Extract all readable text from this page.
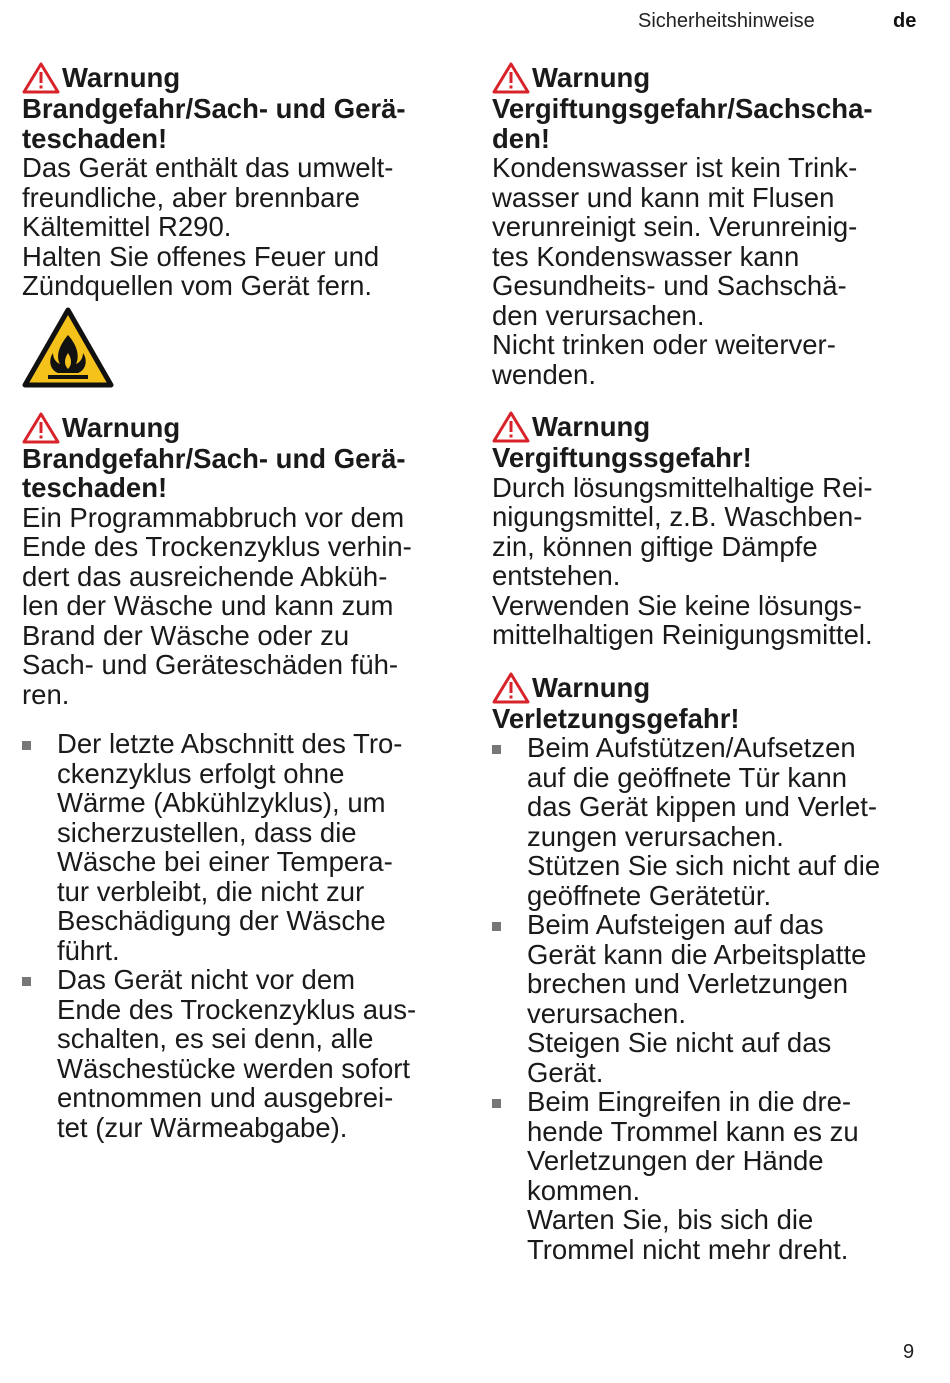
Sicherheitshinweise	de
Warnung
Brandgefahr/Sach- und Gerä-
teschaden!
Das Gerät enthält das umwelt-
freundliche, aber brennbare
Kältemittel R290.
Halten Sie offenes Feuer und
Zündquellen vom Gerät fern.
Warnung
Brandgefahr/Sach- und Gerä-
teschaden!
Ein Programmabbruch vor dem
Ende des Trockenzyklus verhin-
dert das ausreichende Abküh-
len der Wäsche und kann zum
Brand der Wäsche oder zu
Sach- und Geräteschäden füh-
ren.
Der letzte Abschnitt des Tro-
ckenzyklus erfolgt ohne
Wärme (Abkühlzyklus), um
sicherzustellen, dass die
Wäsche bei einer Tempera-
tur verbleibt, die nicht zur
Beschädigung der Wäsche
führt.
Das Gerät nicht vor dem
Ende des Trockenzyklus aus-
schalten, es sei denn, alle
Wäschestücke werden sofort
entnommen und ausgebrei-
tet (zur Wärmeabgabe).
Warnung
Vergiftungsgefahr/Sachscha-
den!
Kondenswasser ist kein Trink-
wasser und kann mit Flusen
verunreinigt sein. Verunreinig-
tes Kondenswasser kann
Gesundheits- und Sachschä-
den verursachen.
Nicht trinken oder weiterver-
wenden.
Warnung
Vergiftungssgefahr!
Durch lösungsmittelhaltige Rei-
nigungsmittel, z.B. Waschben-
zin, können giftige Dämpfe
entstehen.
Verwenden Sie keine lösungs-
mittelhaltigen Reinigungsmittel.
Warnung
Verletzungsgefahr!
Beim Aufstützen/Aufsetzen
auf die geöffnete Tür kann
das Gerät kippen und Verlet-
zungen verursachen.
Stützen Sie sich nicht auf die
geöffnete Gerätetür.
Beim Aufsteigen auf das
Gerät kann die Arbeitsplatte
brechen und Verletzungen
verursachen.
Steigen Sie nicht auf das
Gerät.
Beim Eingreifen in die dre-
hende Trommel kann es zu
Verletzungen der Hände
kommen.
Warten Sie, bis sich die
Trommel nicht mehr dreht.
9
